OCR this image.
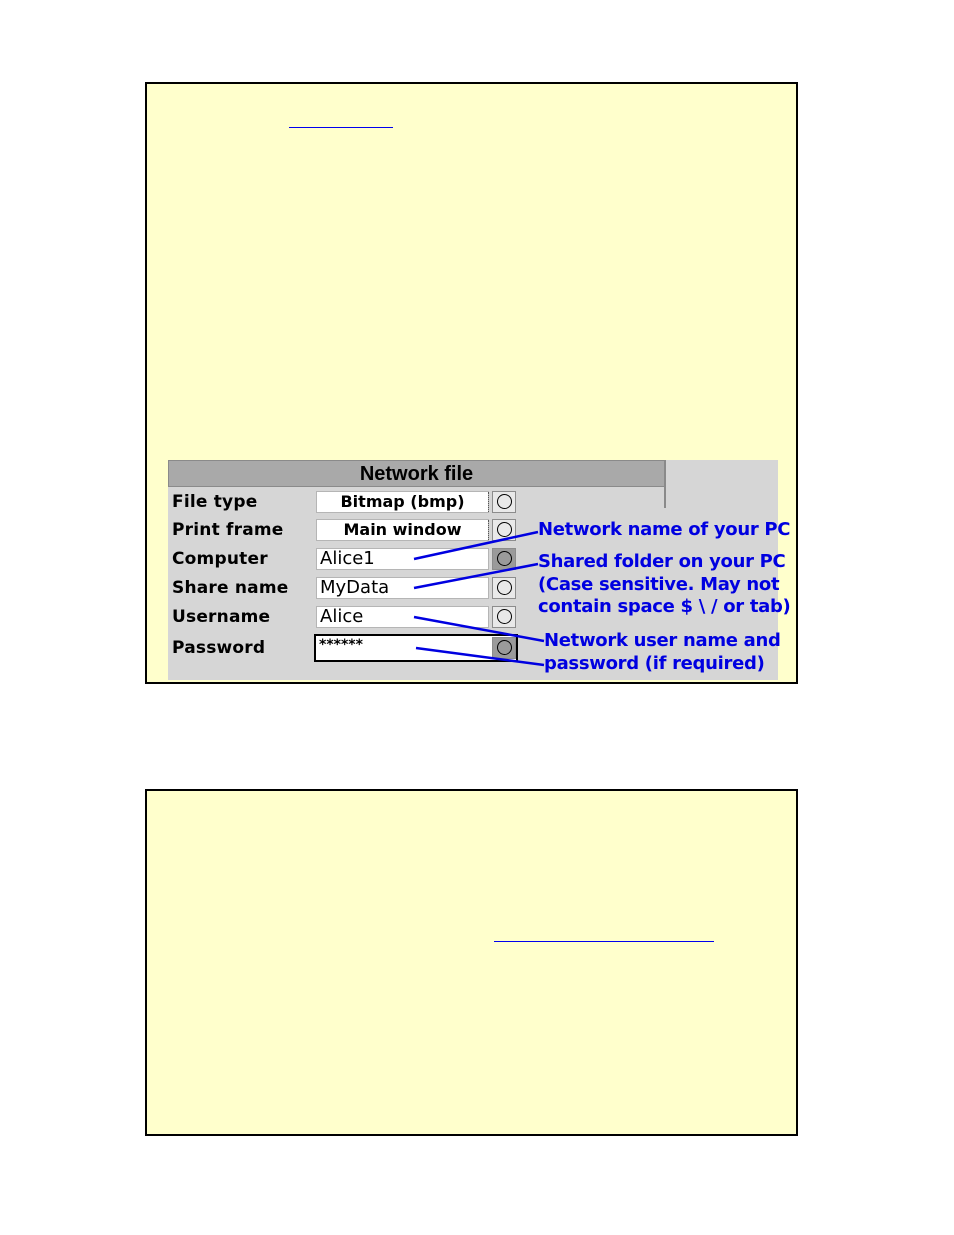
Network file
File type	Bitmap (bmp)
Print frame	Main window
Computer	Alice1
Share name MyData
Username	Alice
Password	******
Network name of your PC
Shared folder on your PC
(Case sensitive. May not
contain space $ \ / or tab)
Network user name and
password (if required)
